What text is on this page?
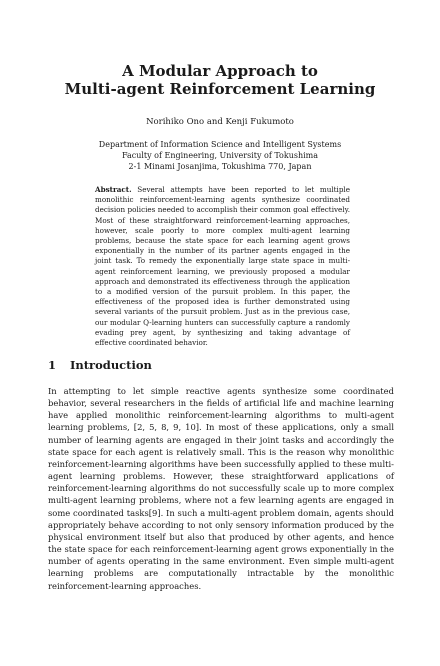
A Modular Approach to
Multi-agent Reinforcement Learning
Norihiko Ono and Kenji Fukumoto
Department of Information Science and Intelligent Systems
Faculty of Engineering, University of Tokushima
2-1 Minami Josanjima, Tokushima 770, Japan
Abstract. Several attempts have been reported to let multiple monolithic reinforcement-learning agents synthesize coordinated decision policies needed to accomplish their common goal effectively. Most of these straightforward reinforcement-learning approaches, however, scale poorly to more complex multi-agent learning problems, because the state space for each learning agent grows exponentially in the number of its partner agents engaged in the joint task. To remedy the exponentially large state space in multi-agent reinforcement learning, we previously proposed a modular approach and demonstrated its effectiveness through the application to a modified version of the pursuit problem. In this paper, the effectiveness of the proposed idea is further demonstrated using several variants of the pursuit problem. Just as in the previous case, our modular Q-learning hunters can successfully capture a randomly evading prey agent, by synthesizing and taking advantage of effective coordinated behavior.
1 Introduction

In attempting to let simple reactive agents synthesize some coordinated behavior, several researchers in the fields of artificial life and machine learning have applied monolithic reinforcement-learning algorithms to multi-agent learning problems, [2, 5, 8, 9, 10]. In most of these applications, only a small number of learning agents are engaged in their joint tasks and accordingly the state space for each agent is relatively small. This is the reason why monolithic reinforcement-learning algorithms have been successfully applied to these multi-agent learning problems. However, these straightforward applications of reinforcement-learning algorithms do not successfully scale up to more complex multi-agent learning problems, where not a few learning agents are engaged in some coordinated tasks[9]. In such a multi-agent problem domain, agents should appropriately behave according to not only sensory information produced by the physical environment itself but also that produced by other agents, and hence the state space for each reinforcement-learning agent grows exponentially in the number of agents operating in the same environment. Even simple multi-agent learning problems are computationally intractable by the monolithic reinforcement-learning approaches.
